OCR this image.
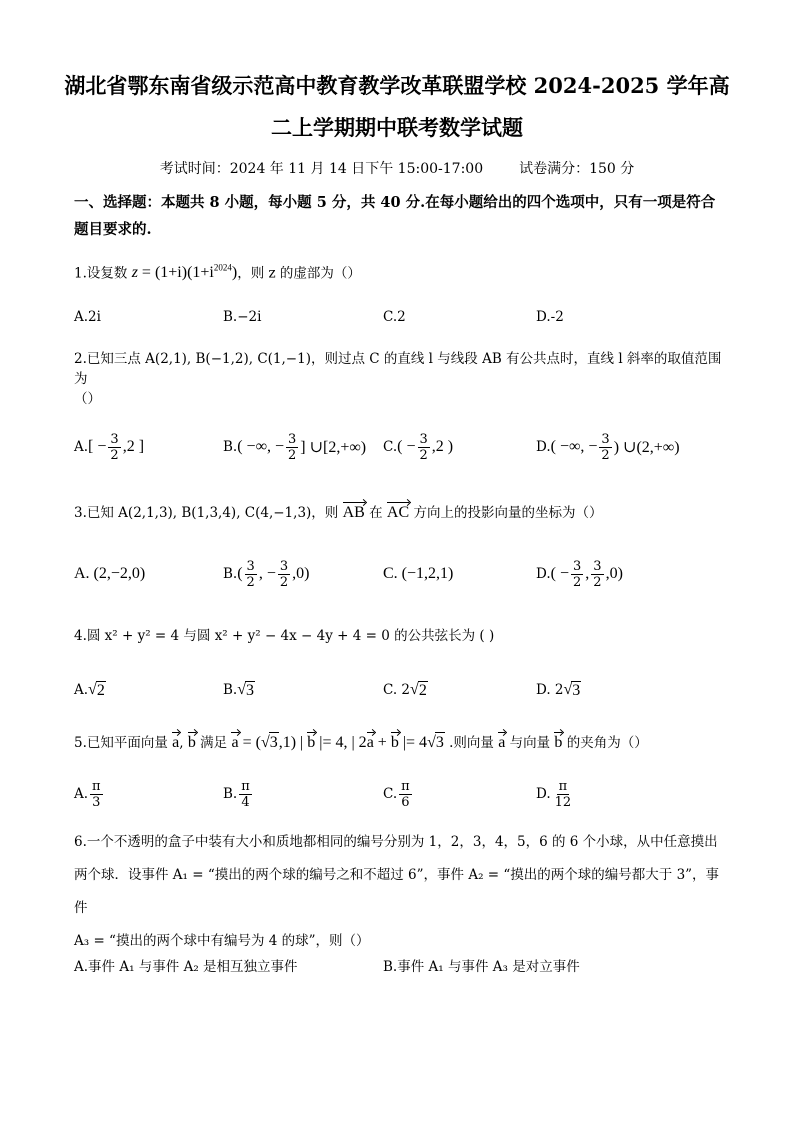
湖北省鄂东南省级示范高中教育教学改革联盟学校 2024-2025 学年高
二上学期期中联考数学试题
考试时间：2024 年 11 月 14 日下午 15:00-17:00	试卷满分：150 分
一、选择题：本题共 8 小题，每小题 5 分，共 40 分.在每小题给出的四个选项中，只有一项是符合题目要求的.
1.设复数 $z = (1+i)(1+i^{2024})$，则 z 的虚部为（）
A.2i	B.−2i	C.2	D.-2
2.已知三点 A(2,1), B(−1,2), C(1,−1)，则过点 C 的直线 l 与线段 AB 有公共点时，直线 l 斜率的取值范围为
（）
A. [ − $\frac{3}{2} ,2$ ]	B. ( −∞, − $\frac{3}{2}$ ] ∪[2,+∞) C. ( − $\frac{3}{2} ,2$ )	D. ( −∞, − $\frac{3}{2}$ ) ∪(2,+∞)
3.已知 A(2,1,3), B(1,3,4), C(4,−1,3)，则 AB 在 AC 方向上的投影向量的坐标为（）
A. (2,−2,0)	B. ( $\frac{3}{2}$ , − $\frac{3}{2} ,0$ )	C. (−1,2,1)	D. ( − $\frac{3}{2}$ , $\frac{3}{2} ,0$ )
4.圆 x² + y² = 4 与圆 x² + y² − 4x − 4y + 4 = 0 的公共弦长为 ( )
A. √ 2	B. √ 3	C. 2 √ 2	D. 2 √ 3
5.已知平面向量 a, b 满足 a = (√3,1) | b |= 4, | 2a + b |= 4√3 .则向量 a 与向量 b 的夹角为（）
A. $\frac{\pi}{3}$	B. $\frac{\pi}{4}$	C. $\frac{\pi}{6}$	D. $\frac{\pi}{12}$
6.一个不透明的盒子中装有大小和质地都相同的编号分别为 1，2，3，4，5，6 的 6 个小球，从中任意摸出
两个球．设事件 A₁ = “摸出的两个球的编号之和不超过 6”，事件 A₂ = “摸出的两个球的编号都大于 3”，事件
A₃ = “摸出的两个球中有编号为 4 的球”，则（）
A.事件 A₁ 与事件 A₂ 是相互独立事件	B.事件 A₁ 与事件 A₃ 是对立事件
